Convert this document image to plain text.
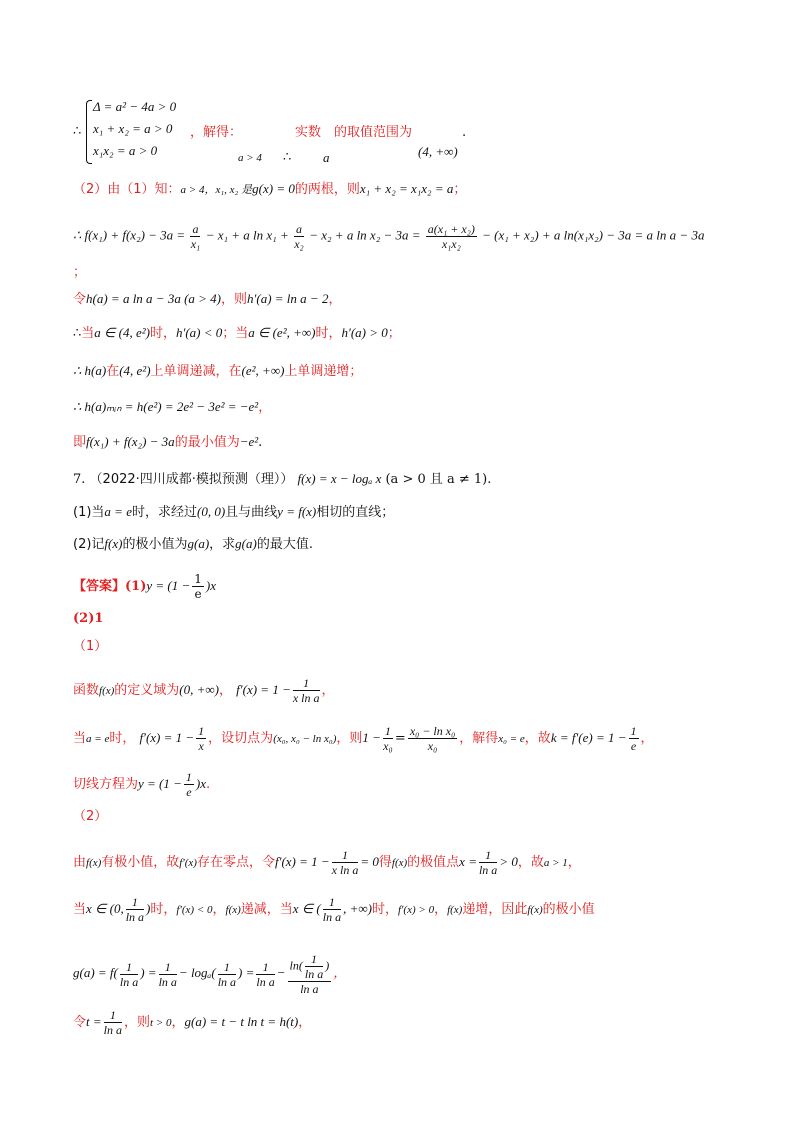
∴
Δ = a² − 4a > 0
x₁ + x₂ = a > 0
x₁x₂ = a > 0
，解得：	实数 的取值范围为	.
a > 4 ∴ a	(4, +∞)
（2）由（1）知：a > 4，x₁, x₂ 是g(x) = 0的两根，则x₁ + x₂ = x₁x₂ = a；
∴ $f(x_1) + f(x_2) - 3a = \frac{a}{\text{x₁}} - x_1 + a$ $\ln x_1 + \frac{a}{\text{x₂}} - x_2 + a$ $\ln x_2 - 3a = \frac{\text{a(x₁ + x₂)}}{\text{x₁x₂}} - (x_1 + x_2) + a$ ln(x₁x₂) − 3a = a ln a − 3a
；
令h(a) = a ln a − 3a (a > 4)，则h′(a) = ln a − 2，
∴当a ∈ (4, e²)时，h′(a) < 0；当a ∈ (e², +∞)时，h′(a) > 0；
∴ h(a)在(4, e²)上单调递减，在(e², +∞)上单调递增；
∴ h(a)ₘᵢₙ = h(e²) = 2e² − 3e² = −e²，
即f(x₁) + f(x₂) − 3a的最小值为−e².
7. （2022·四川成都·模拟预测（理）） f(x) = x − logₐ x (a > 0 且 a ≠ 1).
(1)当a = e时，求经过(0, 0)且与曲线y = f(x)相切的直线；
(2)记f(x)的极小值为g(a)，求g(a)的最大值.
【答案】$(1)y = (1 - \frac{1}{e} )x$
(2)1
（1）
函数f(x)的定义域为(0, +∞)， $f'(x) = 1 - \frac{1}{\text{x ln a}}$ ，
当a = e时， $f'(x) = 1 - \frac{1}{x}$ ，设切点为(x₀, x₀ − ln x₀)，则$1 - \frac{1}{\text{x₀}} = \frac{\text{x₀ − ln x₀}}{\text{x₀}}$ ，解得x₀ = e，故$k = f'(e) = 1 - \frac{1}{e}$ ，
切线方程为$y = (1 - \frac{1}{e} )x$.
（2）
由f(x)有极小值，故f′(x)存在零点，令$f'(x) = 1 - \frac{1}{\text{x ln a}} = 0$得f(x)的极值点$x = \frac{1}{\text{ln a}} > 0$，故a > 1，
当x ∈ (0, $\frac{1}{\text{ln a}}$ )时，f′(x) < 0，f(x)递减，当x ∈ ( $\frac{1}{\text{ln a}}$ , +∞)时，f′(x) > 0，f(x)递增，因此f(x)的极小值
$g(a) = f( \frac{1}{\text{ln a}}$ ) = $\frac{1}{\text{ln a}} - \log_a( \frac{1}{\text{ln a}}$ ) = $\frac{1}{\text{ln a}} - \frac{\ln( \frac{1}{\text{ln a}} )}{\text{ln a}}$ ，
令$t = \frac{1}{\text{ln a}}$ ，则t > 0，g(a) = t − t ln t = h(t)，
